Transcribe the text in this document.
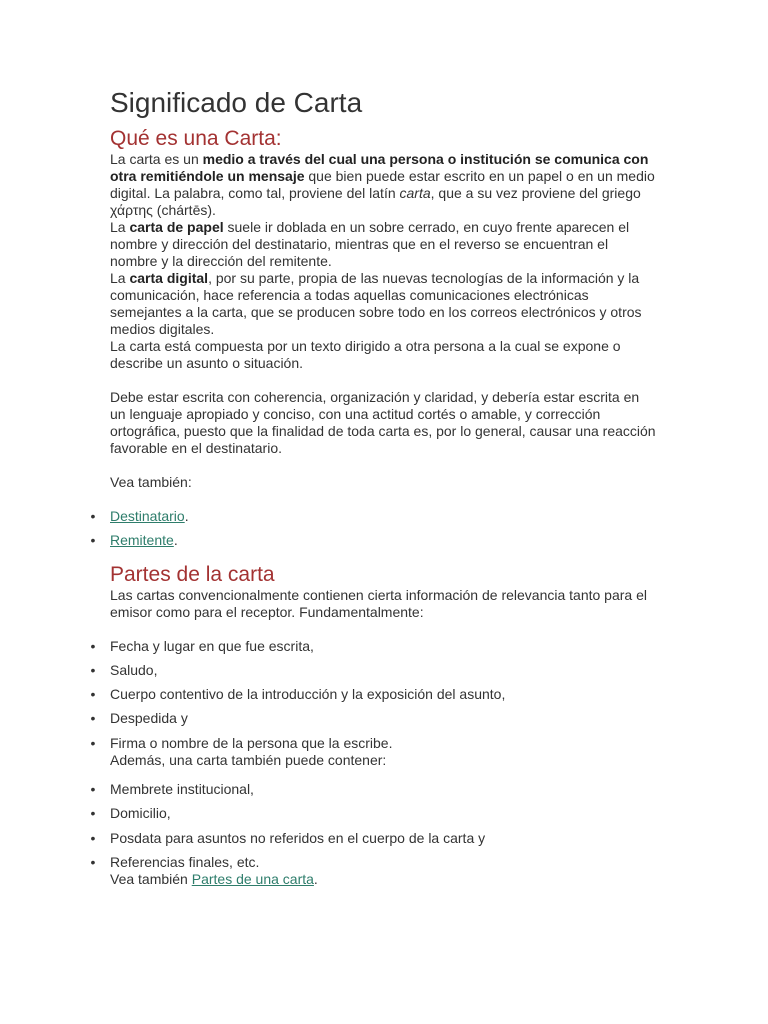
Significado de Carta
Qué es una Carta:

La carta es un medio a través del cual una persona o institución se comunica con otra remitiéndole un mensaje que bien puede estar escrito en un papel o en un medio digital. La palabra, como tal, proviene del latín carta, que a su vez proviene del griego χάρτης (chártēs).

La carta de papel suele ir doblada en un sobre cerrado, en cuyo frente aparecen el nombre y dirección del destinatario, mientras que en el reverso se encuentran el nombre y la dirección del remitente.

La carta digital, por su parte, propia de las nuevas tecnologías de la información y la comunicación, hace referencia a todas aquellas comunicaciones electrónicas semejantes a la carta, que se producen sobre todo en los correos electrónicos y otros medios digitales.

La carta está compuesta por un texto dirigido a otra persona a la cual se expone o describe un asunto o situación.

Debe estar escrita con coherencia, organización y claridad, y debería estar escrita en un lenguaje apropiado y conciso, con una actitud cortés o amable, y corrección ortográfica, puesto que la finalidad de toda carta es, por lo general, causar una reacción favorable en el destinatario.

Vea también:

• Destinatario.
• Remitente.
Partes de la carta

Las cartas convencionalmente contienen cierta información de relevancia tanto para el emisor como para el receptor. Fundamentalmente:

• Fecha y lugar en que fue escrita,
• Saludo,
• Cuerpo contentivo de la introducción y la exposición del asunto,
• Despedida y
• Firma o nombre de la persona que la escribe.

Además, una carta también puede contener:

• Membrete institucional,
• Domicilio,
• Posdata para asuntos no referidos en el cuerpo de la carta y
• Referencias finales, etc.

Vea también Partes de una carta.
